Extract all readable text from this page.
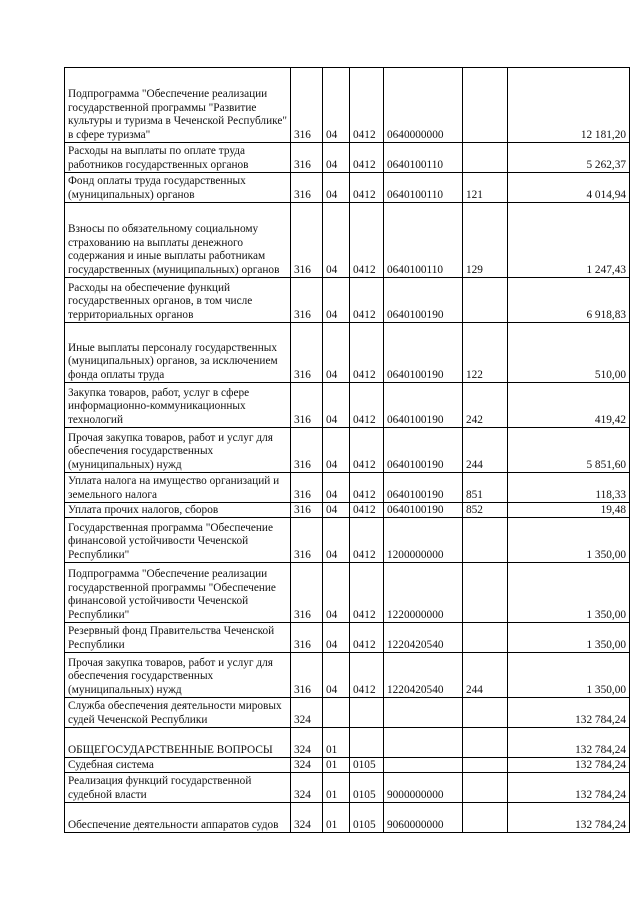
Подпрограмма "Обеспечение реализации государственной программы "Развитие культуры и туризма в Чеченской Республике" в сфере туризма"	316	04	0412	0640000000		12 181,20
Расходы на выплаты по оплате труда работников государственных органов	316	04	0412	0640100110		5 262,37
Фонд оплаты труда государственных (муниципальных) органов	316	04	0412	0640100110	121	4 014,94
Взносы по обязательному социальному страхованию на выплаты денежного содержания и иные выплаты работникам государственных (муниципальных) органов	316	04	0412	0640100110	129	1 247,43
Расходы на обеспечение функций государственных органов, в том числе территориальных органов	316	04	0412	0640100190		6 918,83
Иные выплаты персоналу государственных (муниципальных) органов, за исключением фонда оплаты труда	316	04	0412	0640100190	122	510,00
Закупка товаров, работ, услуг в сфере информационно-коммуникационных технологий	316	04	0412	0640100190	242	419,42
Прочая закупка товаров, работ и услуг для обеспечения государственных (муниципальных) нужд	316	04	0412	0640100190	244	5 851,60
Уплата налога на имущество организаций и земельного налога	316	04	0412	0640100190	851	118,33
Уплата прочих налогов, сборов	316	04	0412	0640100190	852	19,48
Государственная программа "Обеспечение финансовой устойчивости Чеченской Республики"	316	04	0412	1200000000		1 350,00
Подпрограмма "Обеспечение реализации государственной программы "Обеспечение финансовой устойчивости Чеченской Республики"	316	04	0412	1220000000		1 350,00
Резервный фонд Правительства Чеченской Республики	316	04	0412	1220420540		1 350,00
Прочая закупка товаров, работ и услуг для обеспечения государственных (муниципальных) нужд	316	04	0412	1220420540	244	1 350,00
Служба обеспечения деятельности мировых судей Чеченской Республики	324					132 784,24
ОБЩЕГОСУДАРСТВЕННЫЕ ВОПРОСЫ	324	01				132 784,24
Судебная система	324	01	0105			132 784,24
Реализация функций государственной судебной власти	324	01	0105	9000000000		132 784,24
Обеспечение деятельности аппаратов судов	324	01	0105	9060000000		132 784,24
